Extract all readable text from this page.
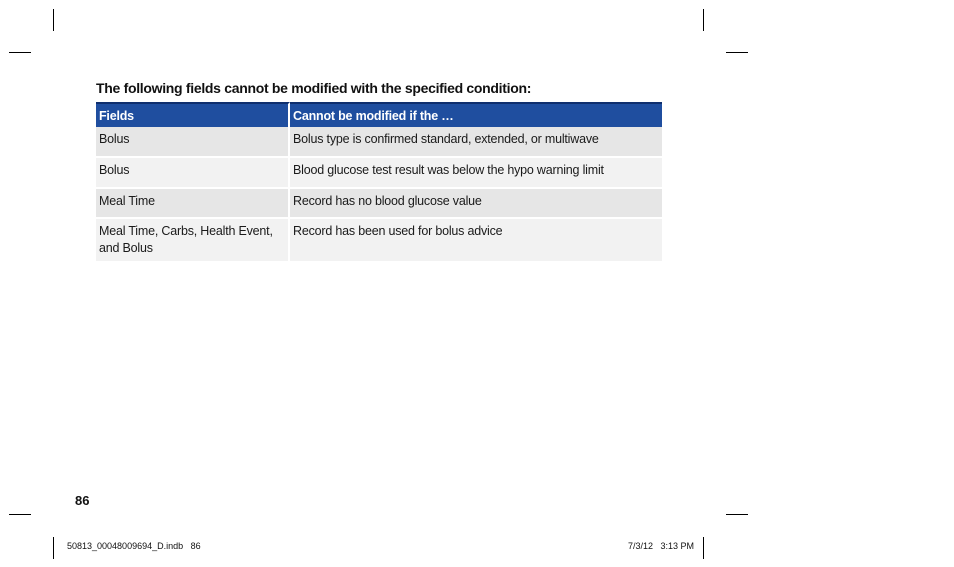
The following fields cannot be modified with the specified condition:
Fields	Cannot be modified if the …
Bolus	Bolus type is confirmed standard, extended, or multiwave
Bolus	Blood glucose test result was below the hypo warning limit
Meal Time	Record has no blood glucose value
Meal Time, Carbs, Health Event, and Bolus	Record has been used for bolus advice
86
50813_00048009694_D.indb   86	7/3/12   3:13 PM
